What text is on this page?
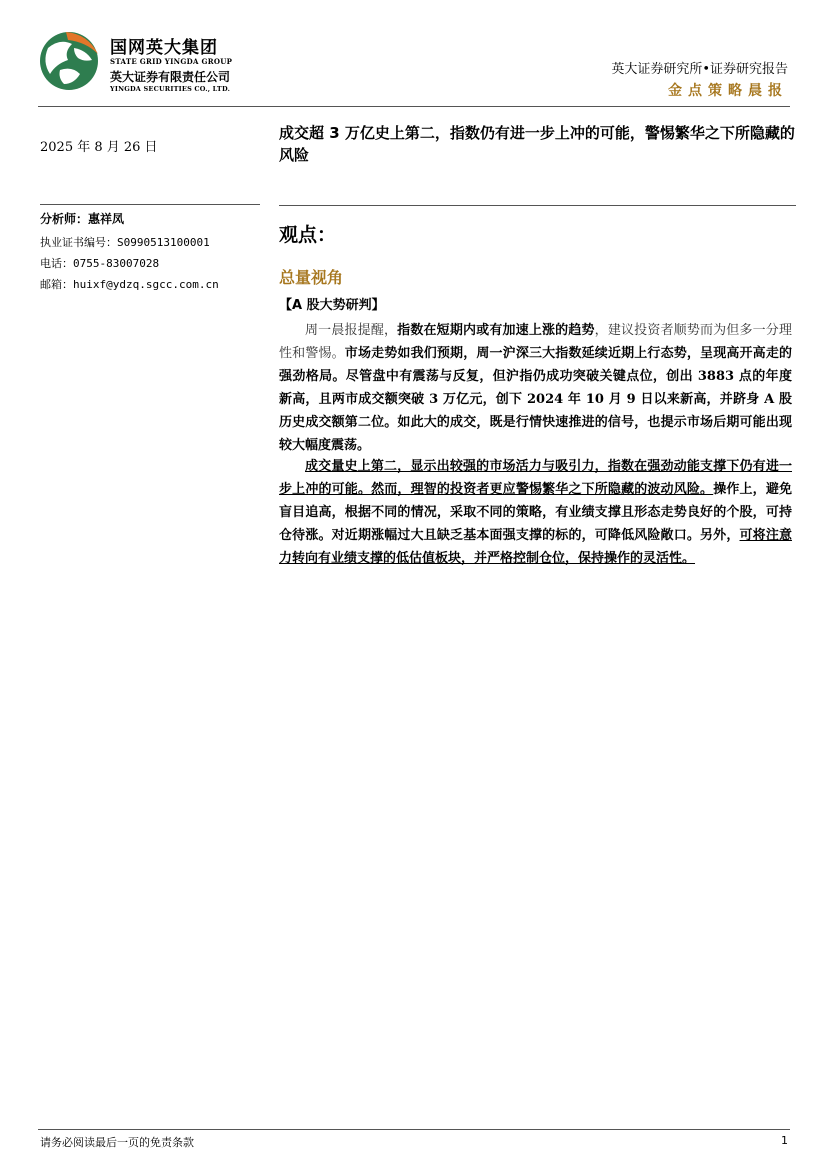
国网英大集团
STATE GRID YINGDA GROUP
英大证券有限责任公司
YINGDA SECURITIES CO., LTD.
英大证券研究所•证券研究报告
金点策略晨报
2025 年 8 月 26 日
分析师：惠祥凤
执业证书编号：S0990513100001
电话：0755-83007028
邮箱：huixf@ydzq.sgcc.com.cn
成交超 3 万亿史上第二，指数仍有进一步上冲的可能，警惕繁华之下所隐藏的风险
观点：
总量视角
【A 股大势研判】
周一晨报提醒，指数在短期内或有加速上涨的趋势，建议投资者顺势而为但多一分理性和警惕。市场走势如我们预期，周一沪深三大指数延续近期上行态势，呈现高开高走的强劲格局。尽管盘中有震荡与反复，但沪指仍成功突破关键点位，创出 3883 点的年度新高，且两市成交额突破 3 万亿元，创下 2024 年 10 月 9 日以来新高，并跻身 A 股历史成交额第二位。如此大的成交，既是行情快速推进的信号，也提示市场后期可能出现较大幅度震荡。
成交量史上第二，显示出较强的市场活力与吸引力，指数在强劲动能支撑下仍有进一步上冲的可能。然而，理智的投资者更应警惕繁华之下所隐藏的波动风险。操作上，避免盲目追高，根据不同的情况，采取不同的策略，有业绩支撑且形态走势良好的个股，可持仓待涨。对近期涨幅过大且缺乏基本面强支撑的标的，可降低风险敞口。另外，可将注意力转向有业绩支撑的低估值板块，并严格控制仓位，保持操作的灵活性。
请务必阅读最后一页的免责条款	1
